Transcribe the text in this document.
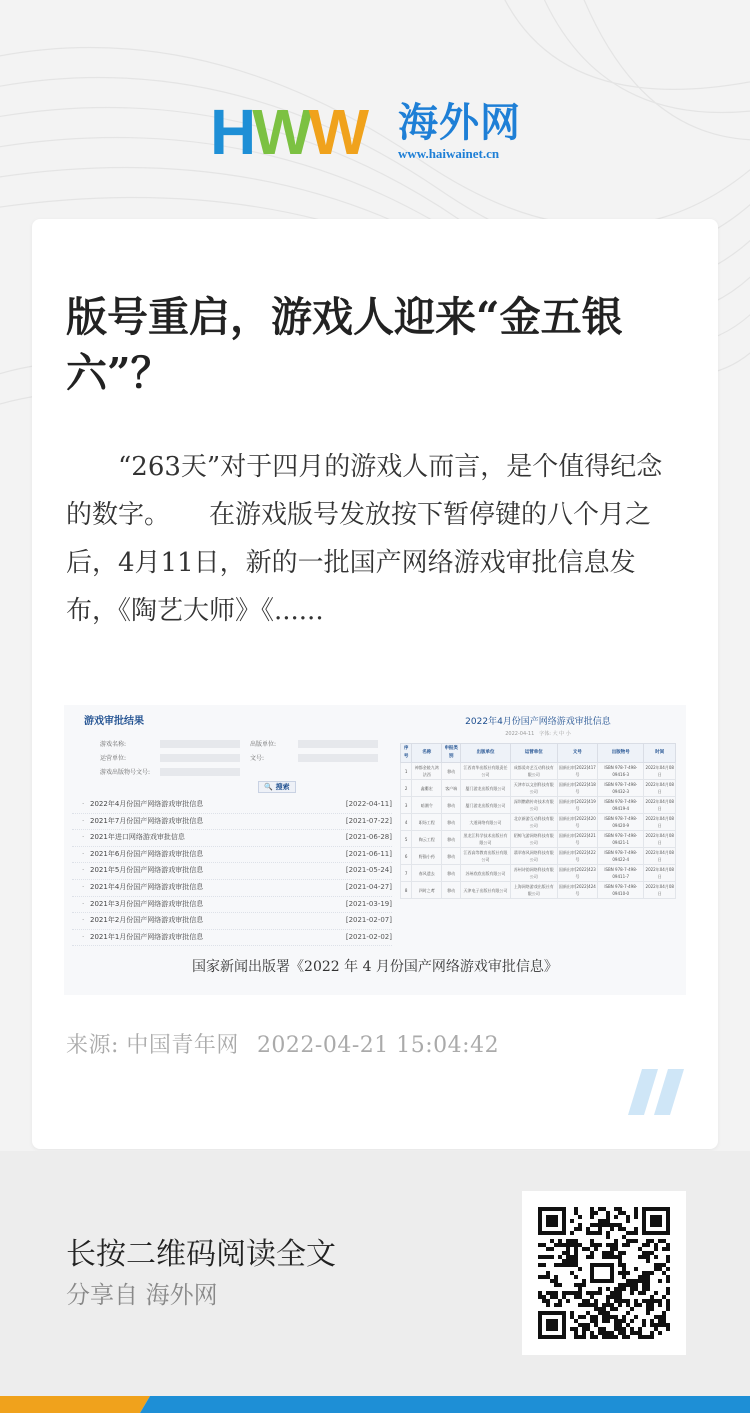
HWW 海外网
www.haiwainet.cn
版号重启，游戏人迎来“金五银六”？

“263天”对于四月的游戏人而言，是个值得纪念的数字。　　在游戏版号发放按下暂停键的八个月之后，4月11日，新的一批国产网络游戏审批信息发布，《陶艺大师》《......

游戏审批结果
游戏名称:	出版单位:
运营单位:	文号:
游戏出版物号文号:
🔍 搜索
· 2022年4月份国产网络游戏审批信息	[2022-04-11]
· 2021年7月份国产网络游戏审批信息	[2021-07-22]
· 2021年进口网络游戏审批信息	[2021-06-28]
· 2021年6月份国产网络游戏审批信息	[2021-06-11]
· 2021年5月份国产网络游戏审批信息	[2021-05-24]
· 2021年4月份国产网络游戏审批信息	[2021-04-27]
· 2021年3月份国产网络游戏审批信息	[2021-03-19]
· 2021年2月份国产网络游戏审批信息	[2021-02-07]
· 2021年1月份国产网络游戏审批信息	[2021-02-02]
2022年4月份国产网络游戏审批信息
2022-04-11　字体: 大 中 小
序号	名称	申报类别	出版单位	运营单位	文号	出版物号	时间
1	神都金陵九鸿法西	移动	江西育华出版社有限责任公司	成都爱奇艺互动科技有限公司	国新出审[2022]417号	ISBN 978-7-498-09416-3	2022年04月08日
2	鑫衢宏	客户端	厦门游龙出版有限公司	天津市以文创科技有限公司	国新出审[2022]418号	ISBN 978-7-498-09432-3	2022年04月08日
3	暗潮令	移动	厦门游龙出版有限公司	深圳鹦鹉传奇技术有限公司	国新出审[2022]419号	ISBN 978-7-498-09419-4	2022年04月08日
4	职场工程	移动	大道网络有限公司	北京新游互动科技有限公司	国新出审[2022]420号	ISBN 978-7-498-09420-9	2022年04月08日
5	陶云工程	移动	黑龙江科学技术出版社有限公司	陌鲸飞游网络科技有限公司	国新出审[2022]421号	ISBN 978-7-498-09421-1	2022年04月08日
6	野猫小药	移动	江西高等教育出版社有限公司	翡翠春风网络科技有限公司	国新出审[2022]422号	ISBN 978-7-498-09422-4	2022年04月08日
7	春风遗去	移动	苏州欣欣出版有限公司	苏州诗韵网络科技有限公司	国新出审[2022]423号	ISBN 978-7-498-09411-7	2022年04月08日
8	四时之鸢	移动	天津电子出版社有限公司	上海网络游戏出版社有限公司	国新出审[2022]424号	ISBN 978-7-498-09410-0	2022年04月08日
国家新闻出版署《2022 年 4 月份国产网络游戏审批信息》
来源: 中国青年网 2022-04-21 15:04:42

长按二维码阅读全文

分享自 海外网
